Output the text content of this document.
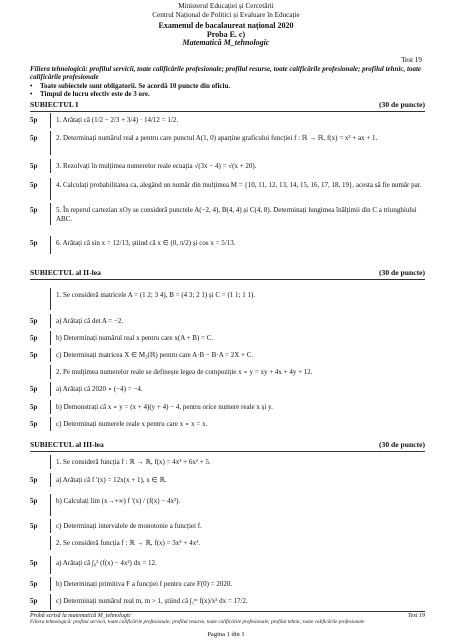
Ministerul Educației și Cercetării
Centrul Național de Politici și Evaluare în Educație
Examenul de bacalaureat național 2020
Proba E. c)
Matematică M_tehnologic
Test 19
Filiera tehnologică: profilul servicii, toate calificările profesionale; profilul resurse, toate calificările profesionale; profilul tehnic, toate calificările profesionale
• Toate subiectele sunt obligatorii. Se acordă 10 puncte din oficiu.
• Timpul de lucru efectiv este de 3 ore.
SUBIECTUL I	(30 de puncte)
5p	1. Arătați că (1/2 − 2/3 + 3/4) · 14/12 = 1/2.
5p	2. Determinați numărul real a pentru care punctul A(1, 0) aparține graficului funcției f : ℝ → ℝ, f(x) = x² + ax + 1.
5p	3. Rezolvați în mulțimea numerelor reale ecuația √(3x − 4) = √(x + 20).
5p	4. Calculați probabilitatea ca, alegând un număr din mulțimea M = {10, 11, 12, 13, 14, 15, 16, 17, 18, 19}, acesta să fie număr par.
5p	5. În reperul cartezian xOy se consideră punctele A(−2, 4), B(4, 4) și C(4, 8). Determinați lungimea înălțimii din C a triunghiului ABC.
5p	6. Arătați că sin x = 12/13, știind că x ∈ (0, π/2) și cos x = 5/13.
SUBIECTUL al II-lea	(30 de puncte)
1. Se consideră matricele A = (1 2; 3 4), B = (4 3; 2 1) și C = (1 1; 1 1).
5p	a) Arătați că det A = −2.
5p	b) Determinați numărul real x pentru care x(A + B) = C.
5p	c) Determinați matricea X ∈ M₂(ℝ) pentru care A·B − B·A = 2X + C.
2. Pe mulțimea numerelor reale se definește legea de compoziție x ∘ y = xy + 4x + 4y + 12.
5p	a) Arătați că 2020 ∘ (−4) = −4.
5p	b) Demonstrați că x ∘ y = (x + 4)(y + 4) − 4, pentru orice numere reale x și y.
5p	c) Determinați numerele reale x pentru care x ∘ x = x.
SUBIECTUL al III-lea	(30 de puncte)
1. Se consideră funcția f : ℝ → ℝ, f(x) = 4x³ + 6x² + 5.
5p	a) Arătați că f ′(x) = 12x(x + 1), x ∈ ℝ.
5p	b) Calculați lim (x→+∞) f ′(x) / (f(x) − 4x³).
5p	c) Determinați intervalele de monotonie a funcției f.
2. Se consideră funcția f : ℝ → ℝ, f(x) = 3x⁵ + 4x².
5p	a) Arătați că ∫₀² (f(x) − 4x²) dx = 12.
5p	b) Determinați primitiva F a funcției f pentru care F(0) = 2020.
5p	c) Determinați numărul real m, m > 1, știind că ∫₁ᵐ f(x)/x² dx = 17/2.
Probă scrisă la matematică M_tehnologic	Test 19
Filiera tehnologică: profilul servicii, toate calificările profesionale; profilul resurse, toate calificările profesionale; profilul tehnic, toate calificările profesionale
Pagina 1 din 1
